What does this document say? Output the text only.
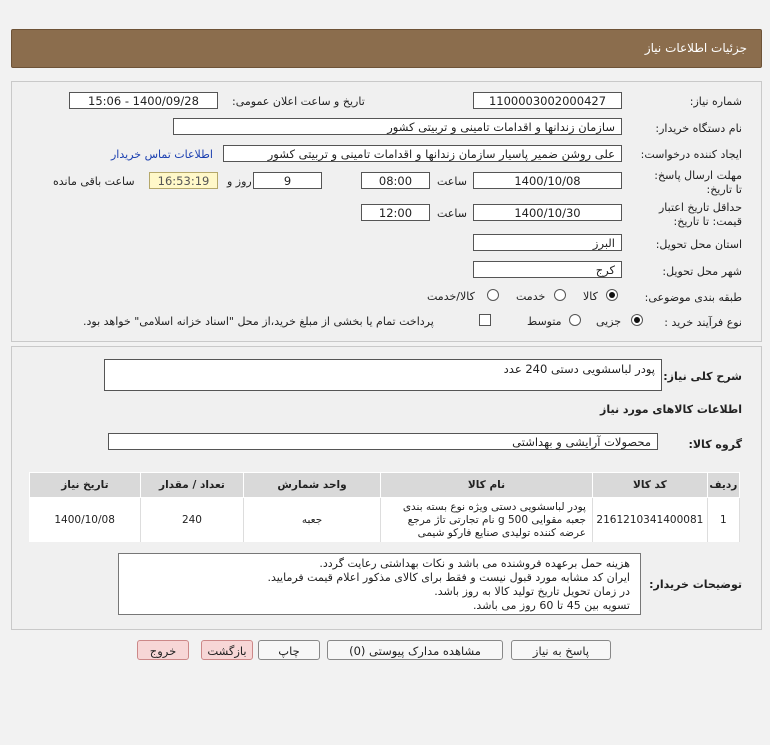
جزئیات اطلاعات نیاز
شماره نیاز:
1100003002000427
تاریخ و ساعت اعلان عمومی:
1400/09/28 - 15:06
نام دستگاه خریدار:
سازمان زندانها و اقدامات تامینی و تربیتی کشور
ایجاد کننده درخواست:
علی روشن ضمیر پاسیار سازمان زندانها و اقدامات تامینی و تربیتی کشور
اطلاعات تماس خریدار
مهلت ارسال پاسخ: تا تاریخ:
1400/10/08
ساعت
08:00
9
روز و
16:53:19
ساعت باقی مانده
حداقل تاریخ اعتبار قیمت: تا تاریخ:
1400/10/30
ساعت
12:00
استان محل تحویل:
البرز
شهر محل تحویل:
کرج
طبقه بندی موضوعی:
کالا
خدمت
کالا/خدمت
نوع فرآیند خرید :
جزیی
متوسط
پرداخت تمام یا بخشی از مبلغ خرید،از محل "اسناد خزانه اسلامی" خواهد بود.
شرح کلی نیاز:
پودر لباسشویی دستی 240 عدد
اطلاعات کالاهای مورد نیاز
گروه کالا:
محصولات آرایشی و بهداشتی
ردیف	کد کالا	نام کالا	واحد شمارش	تعداد / مقدار	تاریخ نیاز
1	2161210341400081	پودر لباسشویی دستی ویژه نوع بسته بندی جعبه مقوایی 500 g نام تجارتی تاژ مرجع عرضه کننده تولیدی صنایع فارکو شیمی	جعبه	240	1400/10/08
توضیحات خریدار:
هزینه حمل برعهده فروشنده می باشد و نکات بهداشتی رعایت گردد.
ایران کد مشابه مورد قبول نیست و فقط برای کالای مذکور اعلام قیمت فرمایید.
در زمان تحویل تاریخ تولید کالا به روز باشد.
تسویه بین 45 تا 60 روز می باشد.
پاسخ به نیاز
مشاهده مدارک پیوستی (0)
چاپ
بازگشت
خروج
